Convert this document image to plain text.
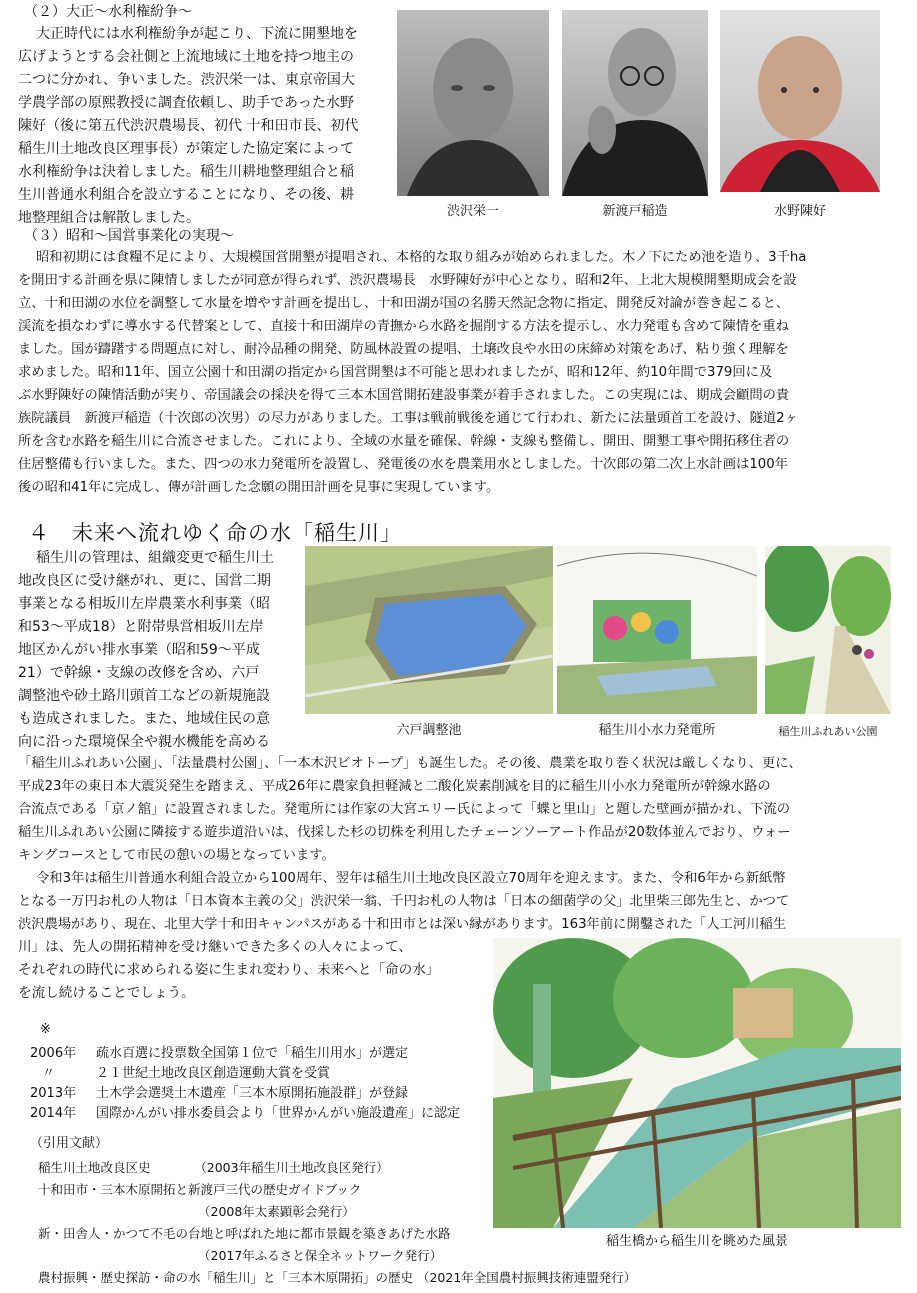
（２）大正～水利権紛争～
大正時代には水利権紛争が起こり、下流に開墾地を
広げようとする会社側と上流地域に土地を持つ地主の
二つに分かれ、争いました。渋沢栄一は、東京帝国大
学農学部の原熙教授に調査依頼し、助手であった水野
陳好（後に第五代渋沢農場長、初代 十和田市長、初代
稲生川土地改良区理事長）が策定した協定案によって
水利権紛争は決着しました。稲生川耕地整理組合と稲
生川普通水利組合を設立することになり、その後、耕
地整理組合は解散しました。	渋沢栄一	新渡戸稲造	水野陳好
（３）昭和～国営事業化の実現～
昭和初期には食糧不足により、大規模国営開墾が提唱され、本格的な取り組みが始められました。木ノ下にため池を造り、3千ha
を開田する計画を県に陳情しましたが同意が得られず、渋沢農場長　水野陳好が中心となり、昭和2年、上北大規模開墾期成会を設
立、十和田湖の水位を調整して水量を増やす計画を提出し、十和田湖が国の名勝天然記念物に指定、開発反対論が巻き起こると、
渓流を損なわずに導水する代替案として、直接十和田湖岸の青撫から水路を掘削する方法を提示し、水力発電も含めて陳情を重ね
ました。国が躊躇する問題点に対し、耐冷品種の開発、防風林設置の提唱、土壌改良や水田の床締め対策をあげ、粘り強く理解を
求めました。昭和11年、国立公園十和田湖の指定から国営開墾は不可能と思われましたが、昭和12年、約10年間で379回に及
ぶ水野陳好の陳情活動が実り、帝国議会の採決を得て三本木国営開拓建設事業が着手されました。この実現には、期成会顧問の貴
族院議員　新渡戸稲造（十次郎の次男）の尽力がありました。工事は戦前戦後を通じて行われ、新たに法量頭首工を設け、隧道2ヶ
所を含む水路を稲生川に合流させました。これにより、全域の水量を確保、幹線・支線も整備し、開田、開墾工事や開拓移住者の
住居整備も行いました。また、四つの水力発電所を設置し、発電後の水を農業用水としました。十次郎の第二次上水計画は100年
後の昭和41年に完成し、傳が計画した念願の開田計画を見事に実現しています。
４　未来へ流れゆく命の水「稲生川」
稲生川の管理は、組織変更で稲生川土
地改良区に受け継がれ、更に、国営二期
事業となる相坂川左岸農業水利事業（昭
和53～平成18）と附帯県営相坂川左岸
地区かんがい排水事業（昭和59～平成
21）で幹線・支線の改修を含め、六戸
調整池や砂土路川頭首工などの新規施設
も造成されました。また、地域住民の意
向に沿った環境保全や親水機能を高める
六戸調整池	稲生川小水力発電所	稲生川ふれあい公園
「稲生川ふれあい公園」、「法量農村公園」、「一本木沢ビオトープ」も誕生した。その後、農業を取り巻く状況は厳しくなり、更に、
平成23年の東日本大震災発生を踏まえ、平成26年に農家負担軽減と二酸化炭素削減を目的に稲生川小水力発電所が幹線水路の
合流点である「京ノ舘」に設置されました。発電所には作家の大宮エリー氏によって「蝶と里山」と題した壁画が描かれ、下流の
稲生川ふれあい公園に隣接する遊歩道沿いは、伐採した杉の切株を利用したチェーンソーアート作品が20数体並んでおり、ウォー
キングコースとして市民の憩いの場となっています。
令和3年は稲生川普通水利組合設立から100周年、翌年は稲生川土地改良区設立70周年を迎えます。また、令和6年から新紙幣
となる一万円お札の人物は「日本資本主義の父」渋沢栄一翁、千円お札の人物は「日本の細菌学の父」北里柴三郎先生と、かつて
渋沢農場があり、現在、北里大学十和田キャンパスがある十和田市とは深い縁があります。163年前に開鑿された「人工河川稲生
川」は、先人の開拓精神を受け継いできた多くの人々によって、
それぞれの時代に求められる姿に生まれ変わり、未来へと「命の水」
を流し続けることでしょう。
稲生橋から稲生川を眺めた風景
※
2006年 疏水百選に投票数全国第１位で「稲生川用水」が選定
〃	２１世紀土地改良区創造運動大賞を受賞
2013年 土木学会選奨土木遺産「三本木原開拓施設群」が登録
2014年 国際かんがい排水委員会より「世界かんがい施設遺産」に認定
（引用文献）
稲生川土地改良区史　　　　（2003年稲生川土地改良区発行）
十和田市・三本木原開拓と新渡戸三代の歴史ガイドブック
（2008年太素顕彰会発行）
新・田舎人・かつて不毛の台地と呼ばれた地に都市景観を築きあげた水路
（2017年ふるさと保全ネットワーク発行）
農村振興・歴史探訪・命の水「稲生川」と「三本木原開拓」の歴史 （2021年全国農村振興技術連盟発行）
